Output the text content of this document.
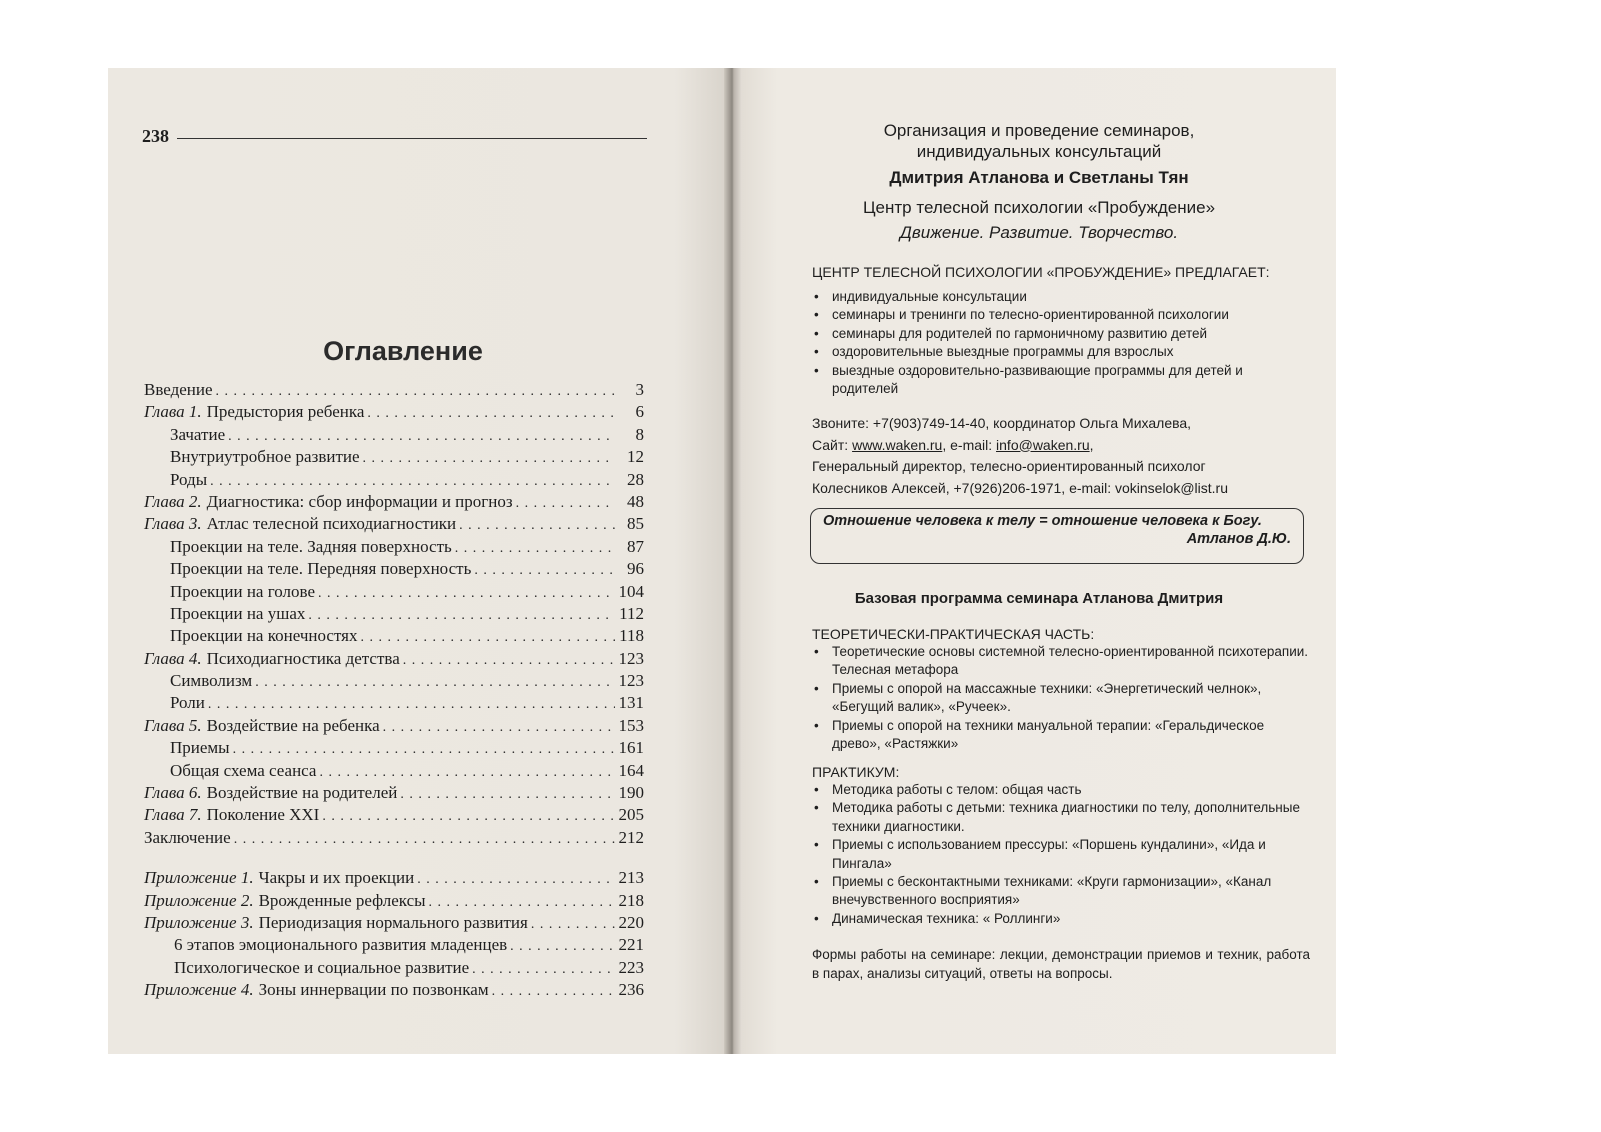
238
Оглавление
Введение . . .	3
Глава 1. Предыстория ребенка . . .	6
Зачатие . . .	8
Внутриутробное развитие . . .	12
Роды . . .	28
Глава 2. Диагностика: сбор информации и прогноз . . .	48
Глава 3. Атлас телесной психодиагностики . . .	85
Проекции на теле. Задняя поверхность . . .	87
Проекции на теле. Передняя поверхность . . .	96
Проекции на голове . . .	104
Проекции на ушах . . .	112
Проекции на конечностях . . .	118
Глава 4. Психодиагностика детства . . .	123
Символизм . . .	123
Роли . . .	131
Глава 5. Воздействие на ребенка . . .	153
Приемы . . .	161
Общая схема сеанса . . .	164
Глава 6. Воздействие на родителей . . .	190
Глава 7. Поколение XXI . . .	205
Заключение . . .	212
Приложение 1. Чакры и их проекции . . .	213
Приложение 2. Врожденные рефлексы . . .	218
Приложение 3. Периодизация нормального развития . . .	220
6 этапов эмоционального развития младенцев . . .	221
Психологическое и социальное развитие . . .	223
Приложение 4. Зоны иннервации по позвонкам . . .	236
Организация и проведение семинаров,
индивидуальных консультаций
Дмитрия Атланова и Светланы Тян
Центр телесной психологии «Пробуждение»
Движение. Развитие. Творчество.
ЦЕНТР ТЕЛЕСНОЙ ПСИХОЛОГИИ «ПРОБУЖДЕНИЕ» ПРЕДЛАГАЕТ:
• индивидуальные консультации
• семинары и тренинги по телесно-ориентированной психологии
• семинары для родителей по гармоничному развитию детей
• оздоровительные выездные программы для взрослых
• выездные оздоровительно-развивающие программы для детей и родителей
Звоните: +7(903)749-14-40, координатор Ольга Михалева,
Сайт: www.waken.ru, e-mail: info@waken.ru,
Генеральный директор, телесно-ориентированный психолог
Колесников Алексей, +7(926)206-1971, e-mail: vokinselok@list.ru
Отношение человека к телу = отношение человека к Богу.
Атланов Д.Ю.
Базовая программа семинара Атланова Дмитрия
ТЕОРЕТИЧЕСКИ-ПРАКТИЧЕСКАЯ ЧАСТЬ:
• Теоретические основы системной телесно-ориентированной психотерапии. Телесная метафора
• Приемы с опорой на массажные техники: «Энергетический челнок», «Бегущий валик», «Ручеек».
• Приемы с опорой на техники мануальной терапии: «Геральдическое древо», «Растяжки»
ПРАКТИКУМ:
• Методика работы с телом: общая часть
• Методика работы с детьми: техника диагностики по телу, дополнительные техники диагностики.
• Приемы с использованием прессуры: «Поршень кундалини», «Ида и Пингала»
• Приемы с бесконтактными техниками: «Круги гармонизации», «Канал внечувственного восприятия»
• Динамическая техника: « Роллинги»
Формы работы на семинаре: лекции, демонстрации приемов и техник, работа в парах, анализы ситуаций, ответы на вопросы.
